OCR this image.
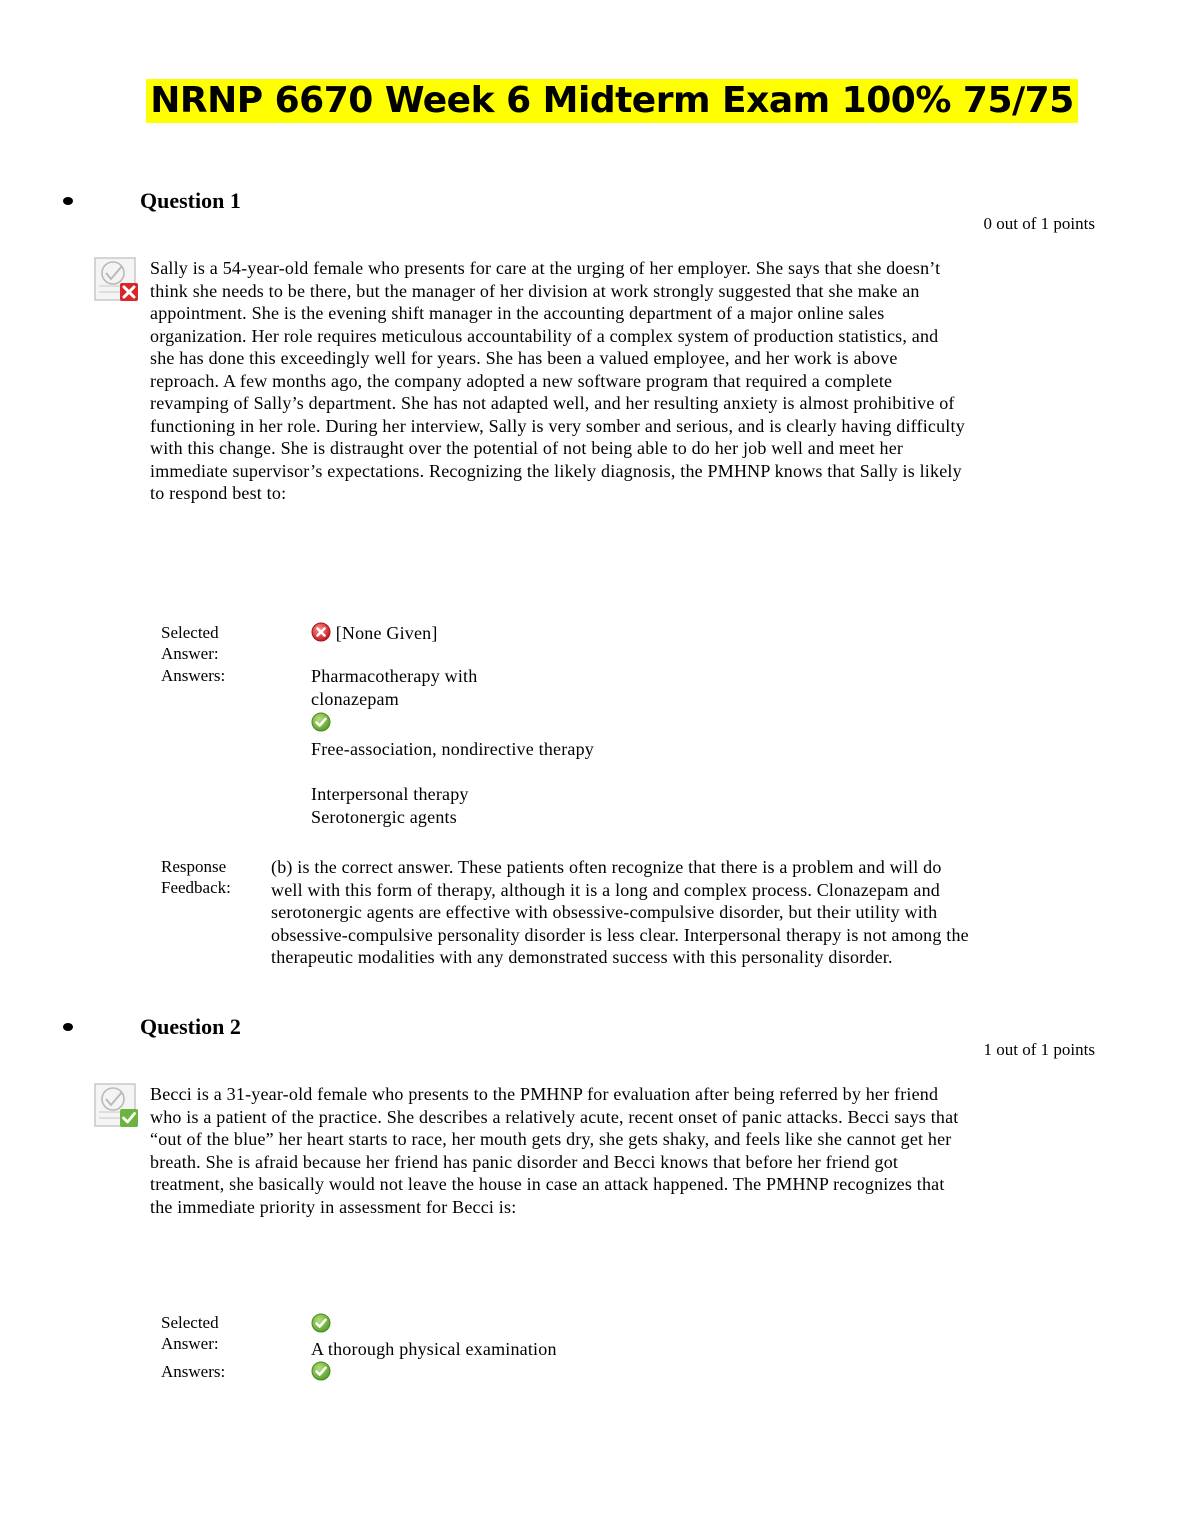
NRNP 6670 Week 6 Midterm Exam 100% 75/75
Question 1
0 out of 1 points

Sally is a 54-year-old female who presents for care at the urging of her employer. She says that she doesn’t think she needs to be there, but the manager of her division at work strongly suggested that she make an appointment. She is the evening shift manager in the accounting department of a major online sales organization. Her role requires meticulous accountability of a complex system of production statistics, and she has done this exceedingly well for years. She has been a valued employee, and her work is above reproach. A few months ago, the company adopted a new software program that required a complete revamping of Sally’s department. She has not adapted well, and her resulting anxiety is almost prohibitive of functioning in her role. During her interview, Sally is very somber and serious, and is clearly having difficulty with this change. She is distraught over the potential of not being able to do her job well and meet her immediate supervisor’s expectations. Recognizing the likely diagnosis, the PMHNP knows that Sally is likely to respond best to:

Selected Answer:
[None Given]
Answers:	Pharmacotherapy with clonazepam
Free-association, nondirective therapy
Interpersonal therapy
Serotonergic agents
Response Feedback:

(b) is the correct answer. These patients often recognize that there is a problem and will do well with this form of therapy, although it is a long and complex process. Clonazepam and serotonergic agents are effective with obsessive-compulsive disorder, but their utility with obsessive-compulsive personality disorder is less clear. Interpersonal therapy is not among the therapeutic modalities with any demonstrated success with this personality disorder.

Question 2
1 out of 1 points

Becci is a 31-year-old female who presents to the PMHNP for evaluation after being referred by her friend who is a patient of the practice. She describes a relatively acute, recent onset of panic attacks. Becci says that “out of the blue” her heart starts to race, her mouth gets dry, she gets shaky, and feels like she cannot get her breath. She is afraid because her friend has panic disorder and Becci knows that before her friend got treatment, she basically would not leave the house in case an attack happened. The PMHNP recognizes that the immediate priority in assessment for Becci is:

Selected Answer:	A thorough physical examination
Answers:
